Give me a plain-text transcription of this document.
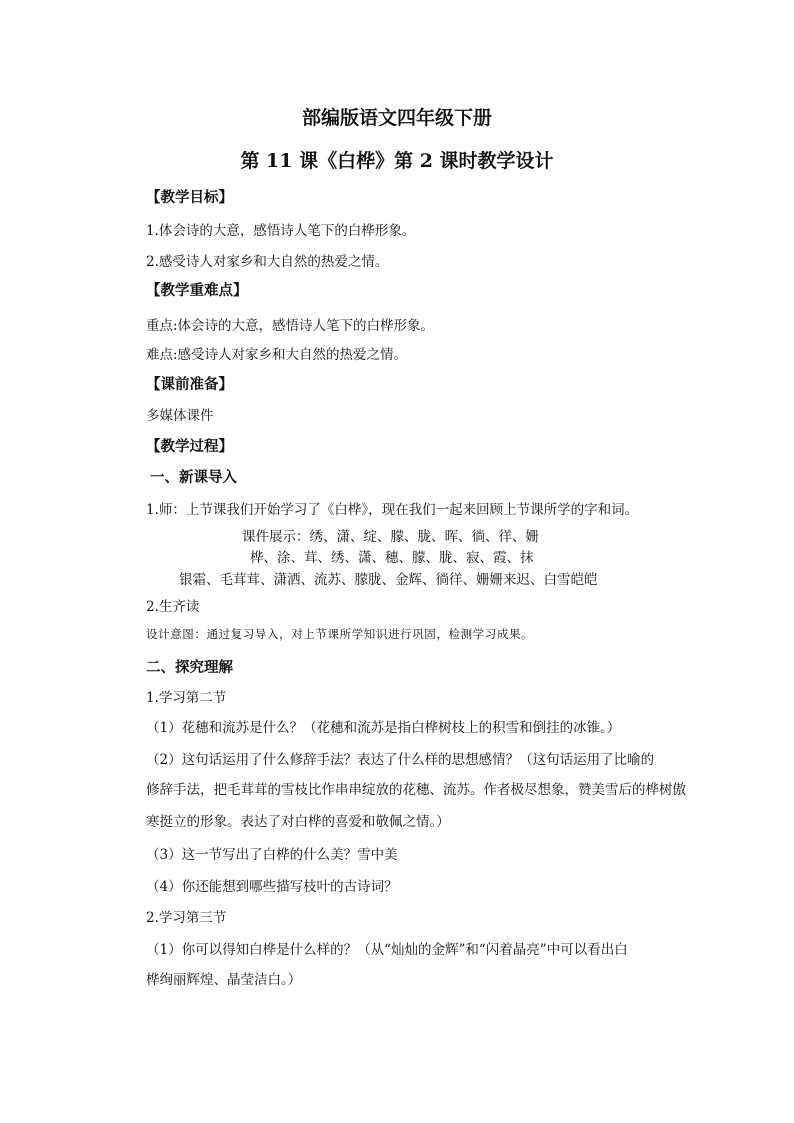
部编版语文四年级下册
第 11 课《白桦》第 2 课时教学设计
【教学目标】
1.体会诗的大意，感悟诗人笔下的白桦形象。
2.感受诗人对家乡和大自然的热爱之情。
【教学重难点】
重点:体会诗的大意，感悟诗人笔下的白桦形象。
难点:感受诗人对家乡和大自然的热爱之情。
【课前准备】
多媒体课件
【教学过程】
一、新课导入
1.师：上节课我们开始学习了《白桦》，现在我们一起来回顾上节课所学的字和词。
课件展示：绣、潇、绽、朦、胧、晖、徜、徉、姗
桦、涂、茸、绣、潇、穗、朦、胧、寂、霞、抹
银霜、毛茸茸、潇洒、流苏、朦胧、金辉、徜徉、姗姗来迟、白雪皑皑
2.生齐读
设计意图：通过复习导入，对上节课所学知识进行巩固，检测学习成果。
二、探究理解
1.学习第二节
（1）花穗和流苏是什么？（花穗和流苏是指白桦树枝上的积雪和倒挂的冰锥。）
（2）这句话运用了什么修辞手法？表达了什么样的思想感情？（这句话运用了比喻的
修辞手法，把毛茸茸的雪枝比作串串绽放的花穗、流苏。作者极尽想象，赞美雪后的桦树傲
寒挺立的形象。表达了对白桦的喜爱和敬佩之情。）
（3）这一节写出了白桦的什么美？雪中美
（4）你还能想到哪些描写枝叶的古诗词？
2.学习第三节
（1）你可以得知白桦是什么样的？（从“灿灿的金辉”和“闪着晶亮”中可以看出白
桦绚丽辉煌、晶莹洁白。）
